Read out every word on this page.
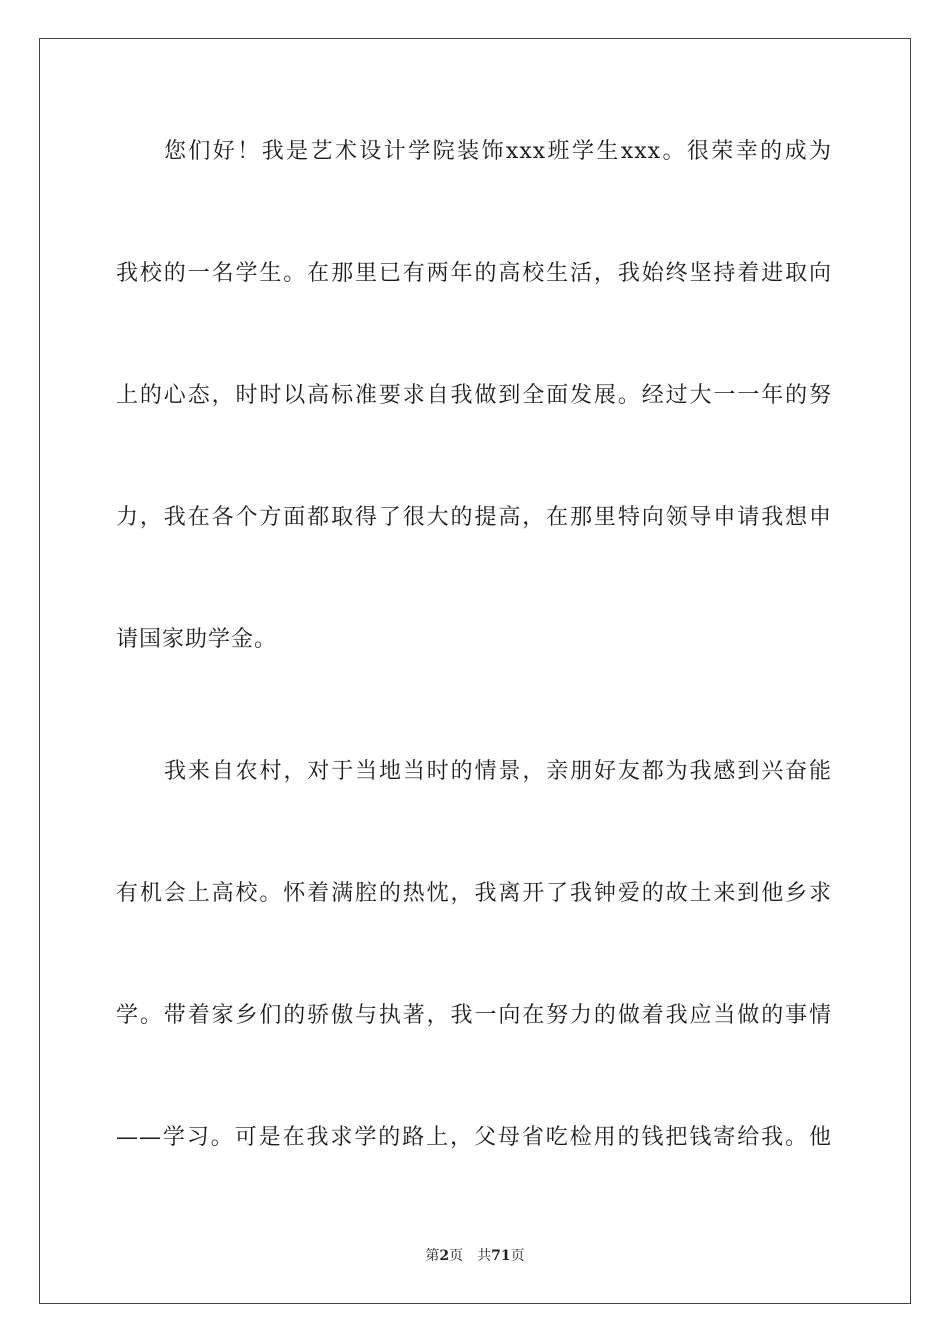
您们好！我是艺术设计学院装饰xxx班学生xxx。很荣幸的成为
我校的一名学生。在那里已有两年的高校生活，我始终坚持着进取向
上的心态，时时以高标准要求自我做到全面发展。经过大一一年的努
力，我在各个方面都取得了很大的提高，在那里特向领导申请我想申
请国家助学金。
我来自农村，对于当地当时的情景，亲朋好友都为我感到兴奋能
有机会上高校。怀着满腔的热忱，我离开了我钟爱的故土来到他乡求
学。带着家乡们的骄傲与执著，我一向在努力的做着我应当做的事情
——学习。可是在我求学的路上，父母省吃检用的钱把钱寄给我。他
第2页 共71页
